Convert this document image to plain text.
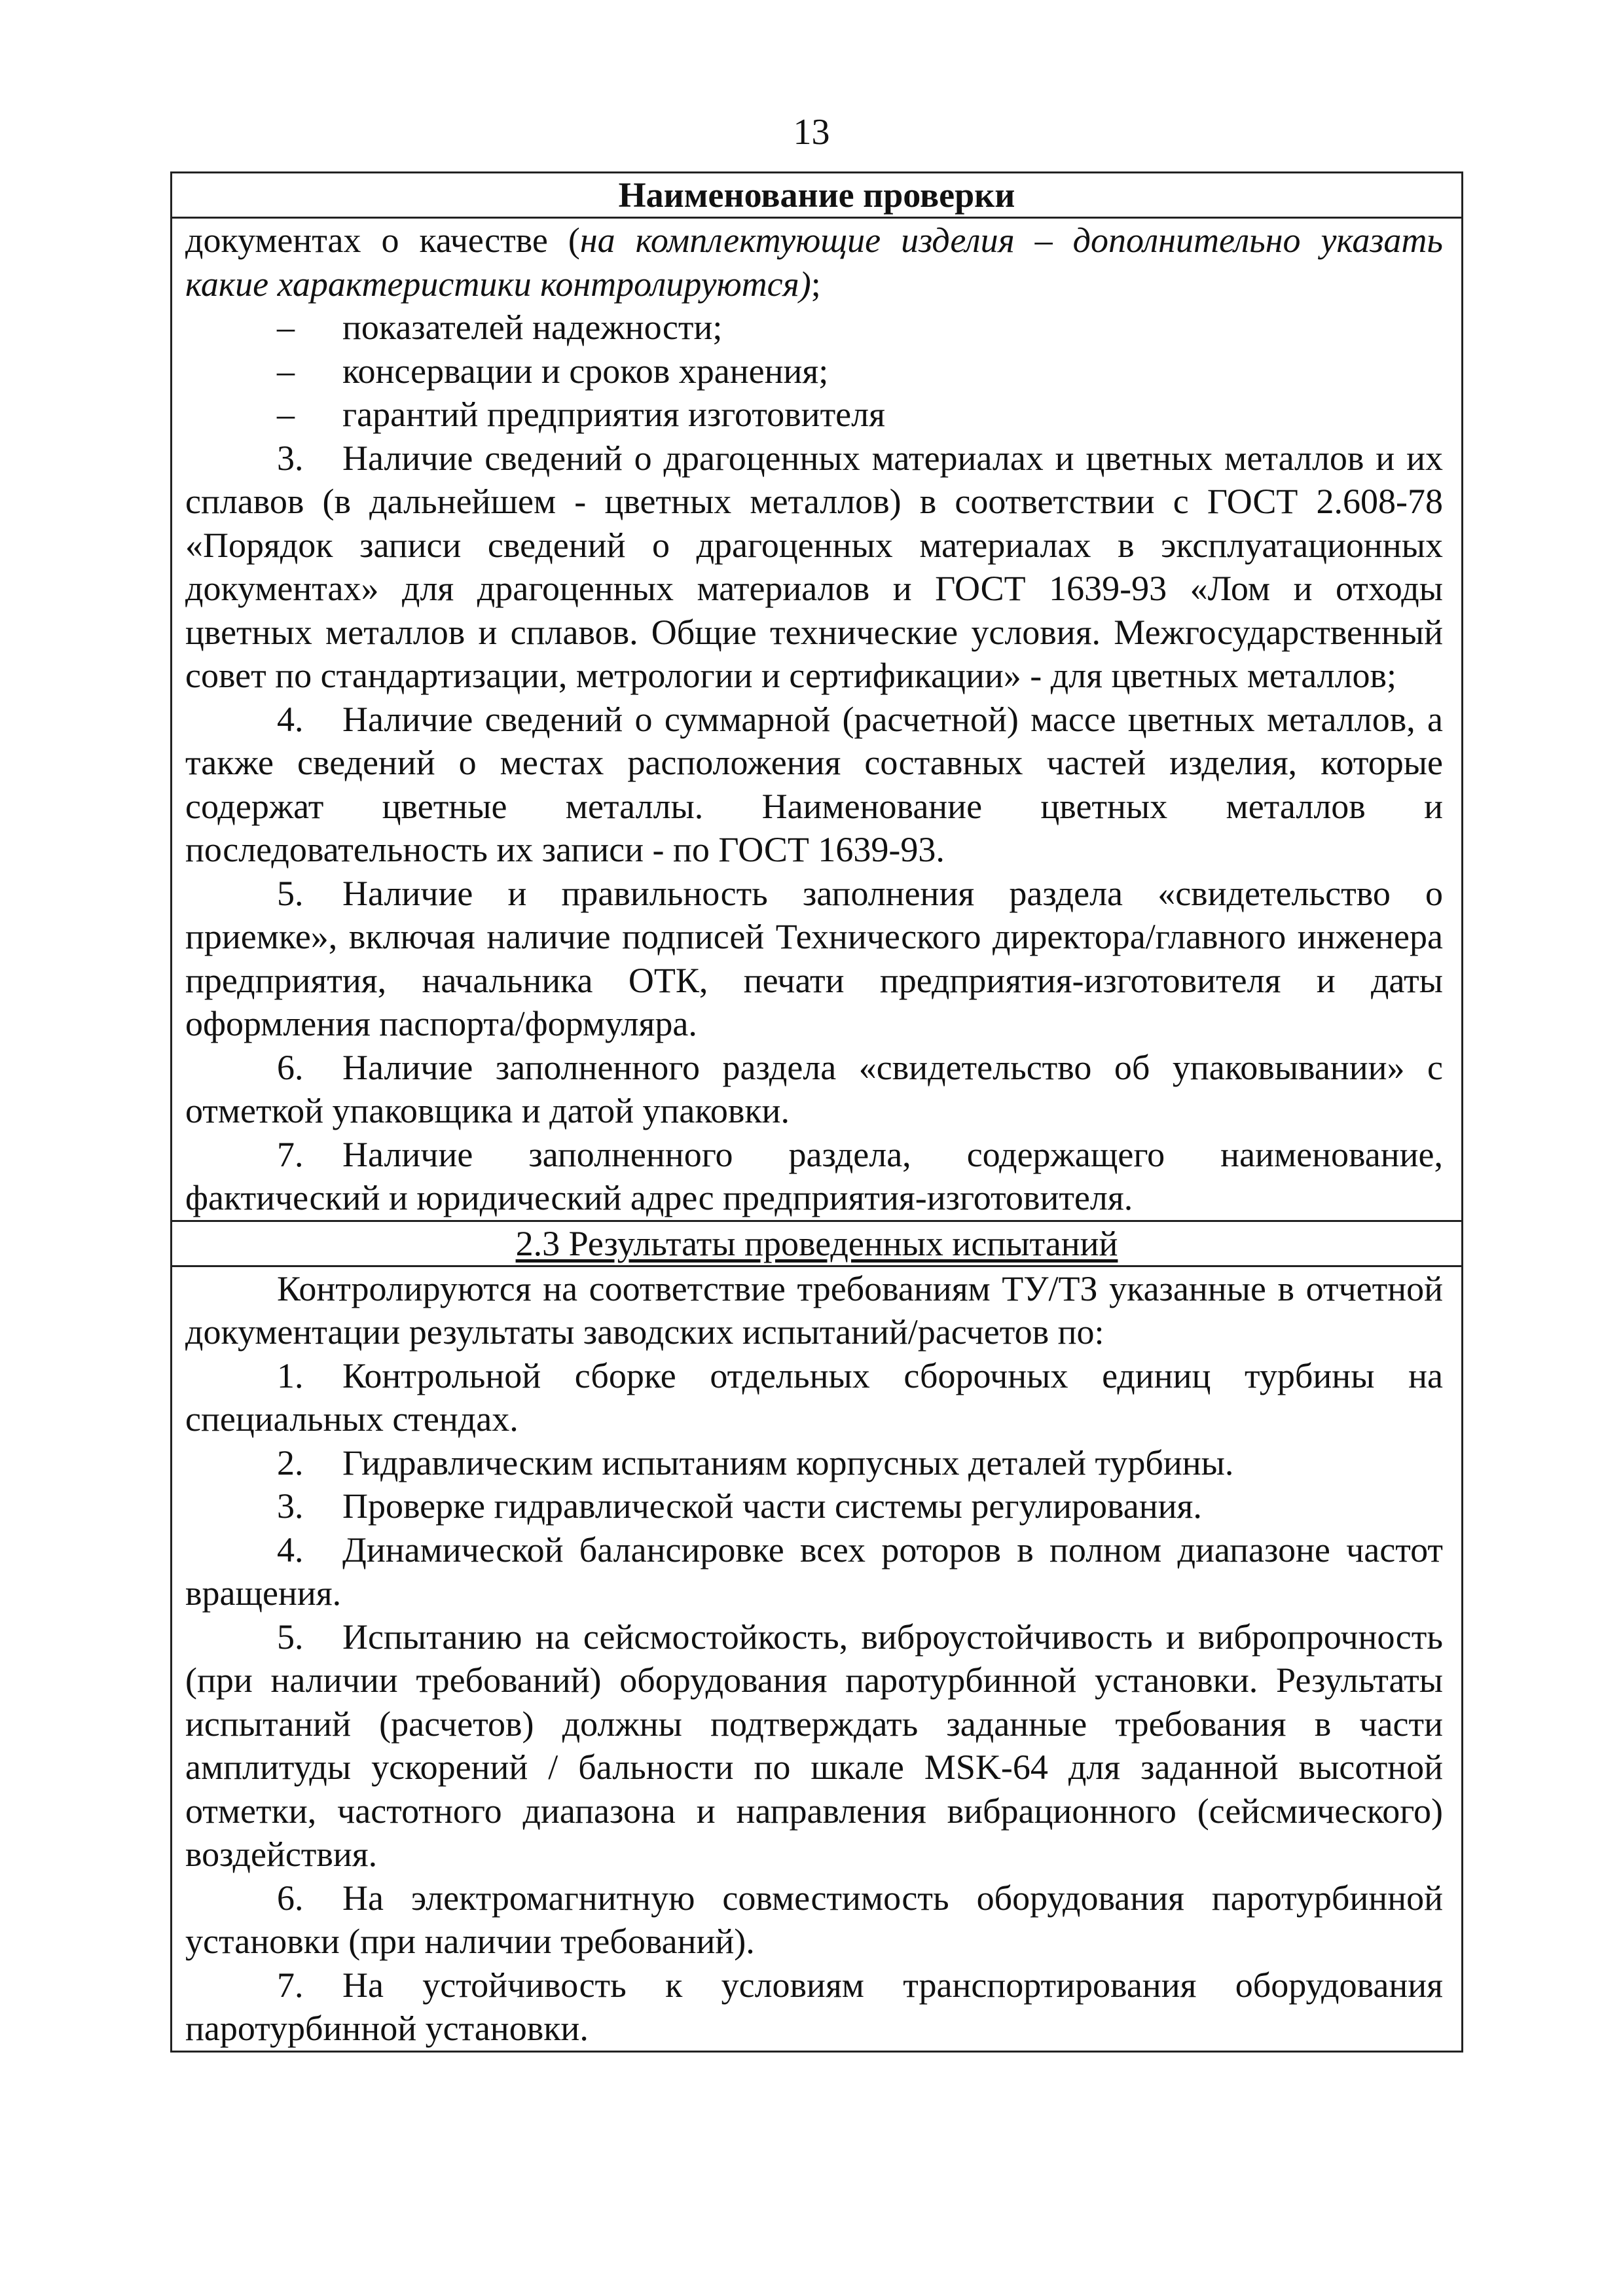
13
Наименование проверки

документах о качестве (на комплектующие изделия – дополнительно указать какие характеристики контролируются);

–	показателей надежности;
–	консервации и сроков хранения;
–	гарантий предприятия изготовителя

3. Наличие сведений о драгоценных материалах и цветных металлов и их сплавов (в дальнейшем - цветных металлов) в соответствии с ГОСТ 2.608-78 «Порядок записи сведений о драгоценных материалах в эксплуатационных документах» для драгоценных материалов и ГОСТ 1639-93 «Лом и отходы цветных металлов и сплавов. Общие технические условия. Межгосударственный совет по стандартизации, метрологии и сертификации» - для цветных металлов;

4. Наличие сведений о суммарной (расчетной) массе цветных металлов, а также сведений о местах расположения составных частей изделия, которые содержат цветные металлы. Наименование цветных металлов и последовательность их записи - по ГОСТ 1639-93.

5. Наличие и правильность заполнения раздела «свидетельство о приемке», включая наличие подписей Технического директора/главного инженера предприятия, начальника ОТК, печати предприятия-изготовителя и даты оформления паспорта/формуляра.

6. Наличие заполненного раздела «свидетельство об упаковывании» с отметкой упаковщика и датой упаковки.

7. Наличие заполненного раздела, содержащего наименование, фактический и юридический адрес предприятия-изготовителя.

2.3 Результаты проведенных испытаний

Контролируются на соответствие требованиям ТУ/ТЗ указанные в отчетной документации результаты заводских испытаний/расчетов по:

1. Контрольной сборке отдельных сборочных единиц турбины на специальных стендах.

2. Гидравлическим испытаниям корпусных деталей турбины.

3. Проверке гидравлической части системы регулирования.

4. Динамической балансировке всех роторов в полном диапазоне частот вращения.

5. Испытанию на сейсмостойкость, виброустойчивость и вибропрочность (при наличии требований) оборудования паротурбинной установки. Результаты испытаний (расчетов) должны подтверждать заданные требования в части амплитуды ускорений / бальности по шкале MSK-64 для заданной высотной отметки, частотного диапазона и направления вибрационного (сейсмического) воздействия.

6. На электромагнитную совместимость оборудования паротурбинной установки (при наличии требований).

7. На устойчивость к условиям транспортирования оборудования паротурбинной установки.
